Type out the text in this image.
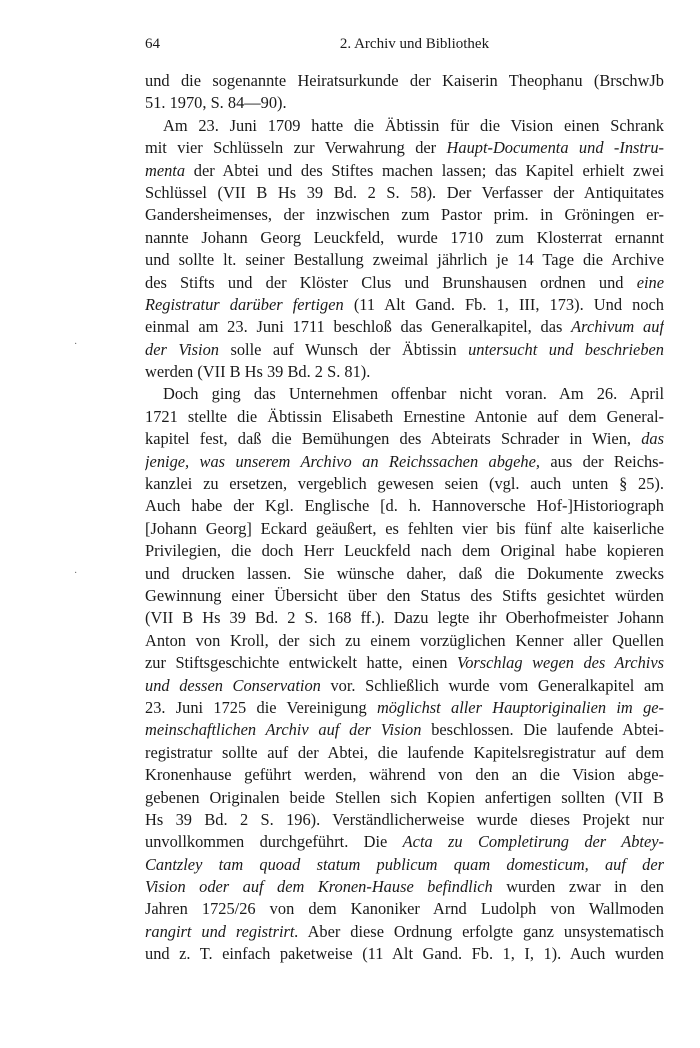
64	2. Archiv und Bibliothek
·
·
und die sogenannte Heiratsurkunde der Kaiserin Theophanu (BrschwJb
51. 1970, S. 84—90).
Am 23. Juni 1709 hatte die Äbtissin für die Vision einen Schrank
mit vier Schlüsseln zur Verwahrung der Haupt-Documenta und -Instru-
menta der Abtei und des Stiftes machen lassen; das Kapitel erhielt zwei
Schlüssel (VII B Hs 39 Bd. 2 S. 58). Der Verfasser der Antiquitates
Gandersheimenses, der inzwischen zum Pastor prim. in Gröningen er-
nannte Johann Georg Leuckfeld, wurde 1710 zum Klosterrat ernannt
und sollte lt. seiner Bestallung zweimal jährlich je 14 Tage die Archive
des Stifts und der Klöster Clus und Brunshausen ordnen und eine
Registratur darüber fertigen (11 Alt Gand. Fb. 1, III, 173). Und noch
einmal am 23. Juni 1711 beschloß das Generalkapitel, das Archivum auf
der Vision solle auf Wunsch der Äbtissin untersucht und beschrieben
werden (VII B Hs 39 Bd. 2 S. 81).
Doch ging das Unternehmen offenbar nicht voran. Am 26. April
1721 stellte die Äbtissin Elisabeth Ernestine Antonie auf dem General-
kapitel fest, daß die Bemühungen des Abteirats Schrader in Wien, das
jenige, was unserem Archivo an Reichssachen abgehe, aus der Reichs-
kanzlei zu ersetzen, vergeblich gewesen seien (vgl. auch unten § 25).
Auch habe der Kgl. Englische [d. h. Hannoversche Hof-]Historiograph
[Johann Georg] Eckard geäußert, es fehlten vier bis fünf alte kaiserliche
Privilegien, die doch Herr Leuckfeld nach dem Original habe kopieren
und drucken lassen. Sie wünsche daher, daß die Dokumente zwecks
Gewinnung einer Übersicht über den Status des Stifts gesichtet würden
(VII B Hs 39 Bd. 2 S. 168 ff.). Dazu legte ihr Oberhofmeister Johann
Anton von Kroll, der sich zu einem vorzüglichen Kenner aller Quellen
zur Stiftsgeschichte entwickelt hatte, einen Vorschlag wegen des Archivs
und dessen Conservation vor. Schließlich wurde vom Generalkapitel am
23. Juni 1725 die Vereinigung möglichst aller Hauptoriginalien im ge-
meinschaftlichen Archiv auf der Vision beschlossen. Die laufende Abtei-
registratur sollte auf der Abtei, die laufende Kapitelsregistratur auf dem
Kronenhause geführt werden, während von den an die Vision abge-
gebenen Originalen beide Stellen sich Kopien anfertigen sollten (VII B
Hs 39 Bd. 2 S. 196). Verständlicherweise wurde dieses Projekt nur
unvollkommen durchgeführt. Die Acta zu Completirung der Abtey-
Cantzley tam quoad statum publicum quam domesticum, auf der
Vision oder auf dem Kronen-Hause befindlich wurden zwar in den
Jahren 1725/26 von dem Kanoniker Arnd Ludolph von Wallmoden
rangirt und registrirt. Aber diese Ordnung erfolgte ganz unsystematisch
und z. T. einfach paketweise (11 Alt Gand. Fb. 1, I, 1). Auch wurden
